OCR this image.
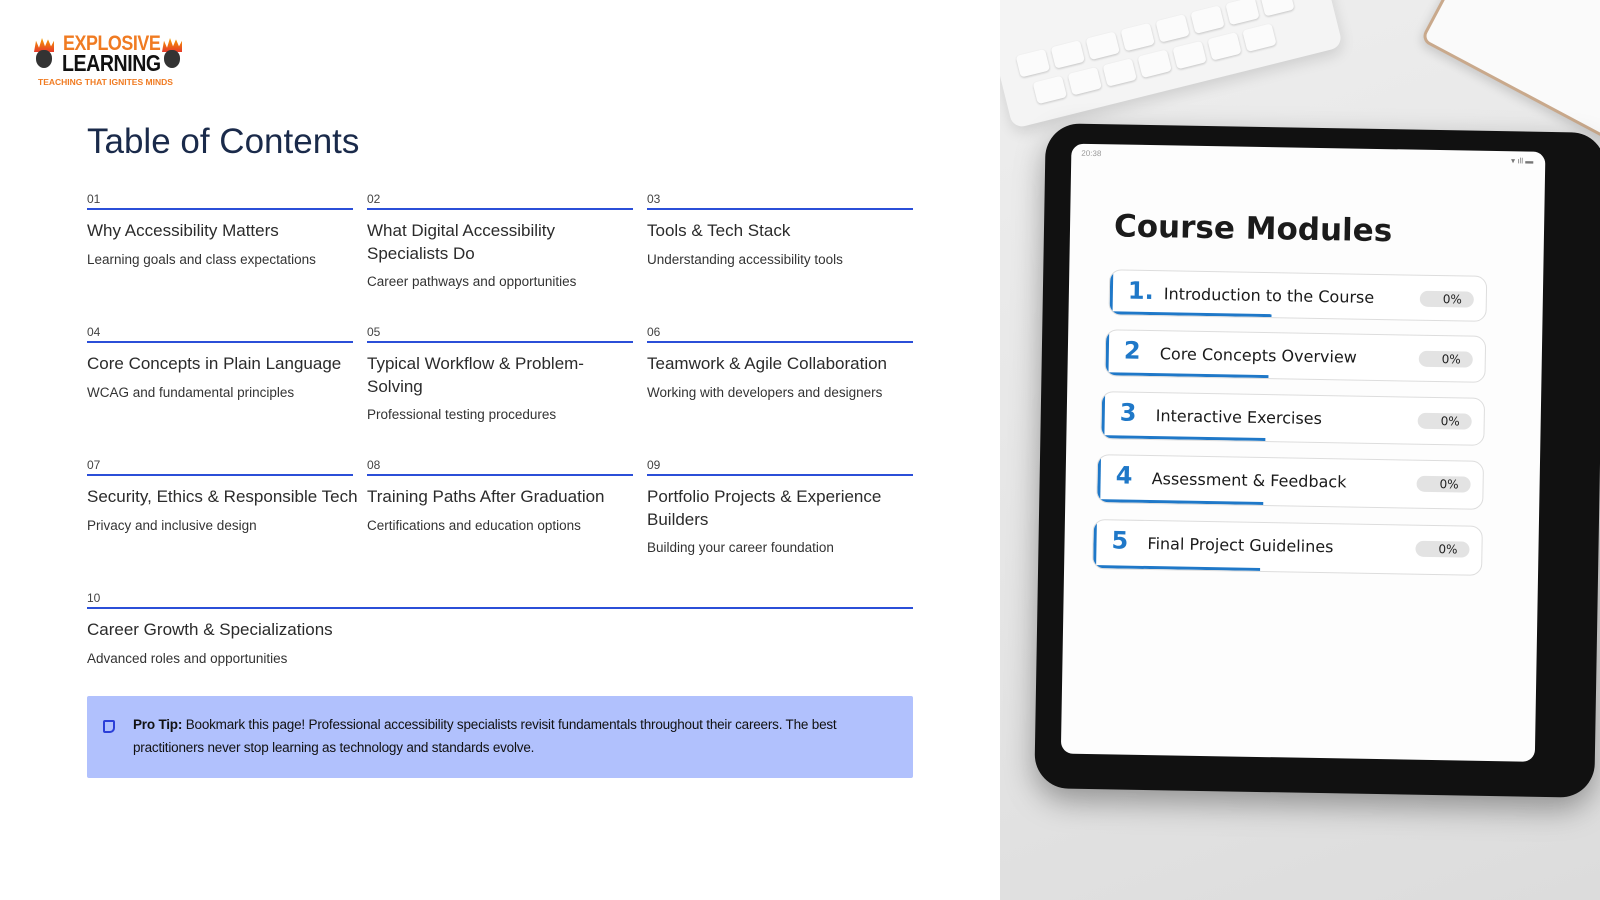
EXPLOSIVE
LEARNING
TEACHING THAT IGNITES MINDS
Table of Contents
01
Why Accessibility Matters
Learning goals and class expectations
02
What Digital Accessibility Specialists Do
Career pathways and opportunities
03
Tools & Tech Stack
Understanding accessibility tools
04
Core Concepts in Plain Language
WCAG and fundamental principles
05
Typical Workflow & Problem-Solving
Professional testing procedures
06
Teamwork & Agile Collaboration
Working with developers and designers
07
Security, Ethics & Responsible Tech
Privacy and inclusive design
08
Training Paths After Graduation
Certifications and education options
09
Portfolio Projects & Experience Builders
Building your career foundation
10
Career Growth & Specializations
Advanced roles and opportunities
Pro Tip: Bookmark this page! Professional accessibility specialists revisit fundamentals throughout their careers. The best practitioners never stop learning as technology and standards evolve.
20:38
▾ ıll ▬
Course Modules
1. Introduction to the Course	0%
2 Core Concepts Overview	0%
3 Interactive Exercises	0%
4 Assessment & Feedback	0%
5 Final Project Guidelines	0%
